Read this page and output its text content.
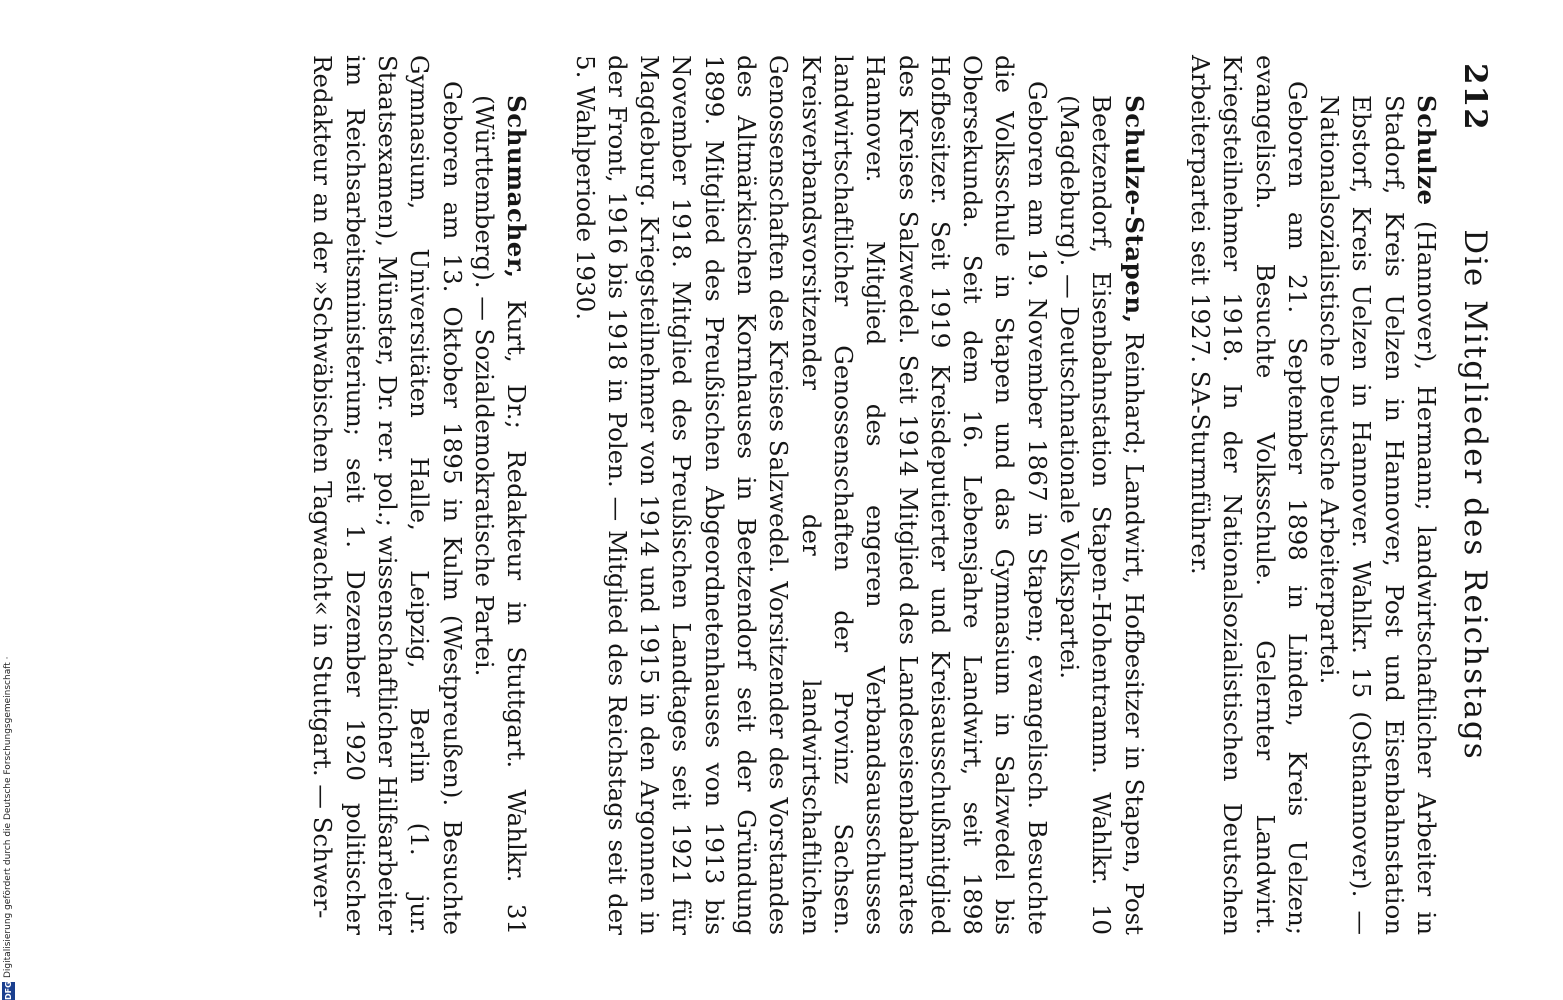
212
Die Mitglieder des Reichstags

Schulze (Hannover), Hermann; landwirtschaftlicher Arbeiter in Stadorf, Kreis Uelzen in Hannover, Post und Eisenbahnstation Ebstorf, Kreis Uelzen in Hannover. Wahlkr. 15 (Osthannover). — Nationalsozialistische Deutsche Arbeiterpartei.

Geboren am 21. September 1898 in Linden, Kreis Uelzen; evangelisch. Besuchte Volksschule. Gelernter Landwirt. Kriegsteilnehmer 1918. In der Nationalsozialistischen Deutschen Arbeiterpartei seit 1927. SA-Sturmführer.

Schulze-Stapen, Reinhard; Landwirt, Hofbesitzer in Stapen, Post Beetzendorf, Eisenbahnstation Stapen-Hohentramm. Wahlkr. 10 (Magdeburg). — Deutschnationale Volkspartei.

Geboren am 19. November 1867 in Stapen; evangelisch. Besuchte die Volksschule in Stapen und das Gymnasium in Salzwedel bis Obersekunda. Seit dem 16. Lebensjahre Landwirt, seit 1898 Hofbesitzer. Seit 1919 Kreisdeputierter und Kreisausschußmitglied des Kreises Salzwedel. Seit 1914 Mitglied des Landeseisenbahnrates Hannover. Mitglied des engeren Verbandsausschusses landwirtschaftlicher Genossenschaften der Provinz Sachsen. Kreisverbandsvorsitzender der landwirtschaftlichen Genossenschaften des Kreises Salzwedel. Vorsitzender des Vorstandes des Altmärkischen Kornhauses in Beetzendorf seit der Gründung 1899. Mitglied des Preußischen Abgeordnetenhauses von 1913 bis November 1918. Mitglied des Preußischen Landtages seit 1921 für Magdeburg. Kriegsteilnehmer von 1914 und 1915 in den Argonnen in der Front, 1916 bis 1918 in Polen. — Mitglied des Reichstags seit der 5. Wahlperiode 1930.

Schumacher, Kurt, Dr.; Redakteur in Stuttgart. Wahlkr. 31 (Württemberg). — Sozialdemokratische Partei.

Geboren am 13. Oktober 1895 in Kulm (Westpreußen). Besuchte Gymnasium, Universitäten Halle, Leipzig, Berlin (1. jur. Staatsexamen), Münster, Dr. rer. pol.; wissenschaftlicher Hilfsarbeiter im Reichsarbeitsministerium; seit 1. Dezember 1920 politischer Redakteur an der »Schwäbischen Tagwacht« in Stuttgart. — Schwer-

DFG
Digitalisierung gefördert durch die Deutsche Forschungsgemeinschaft ·
